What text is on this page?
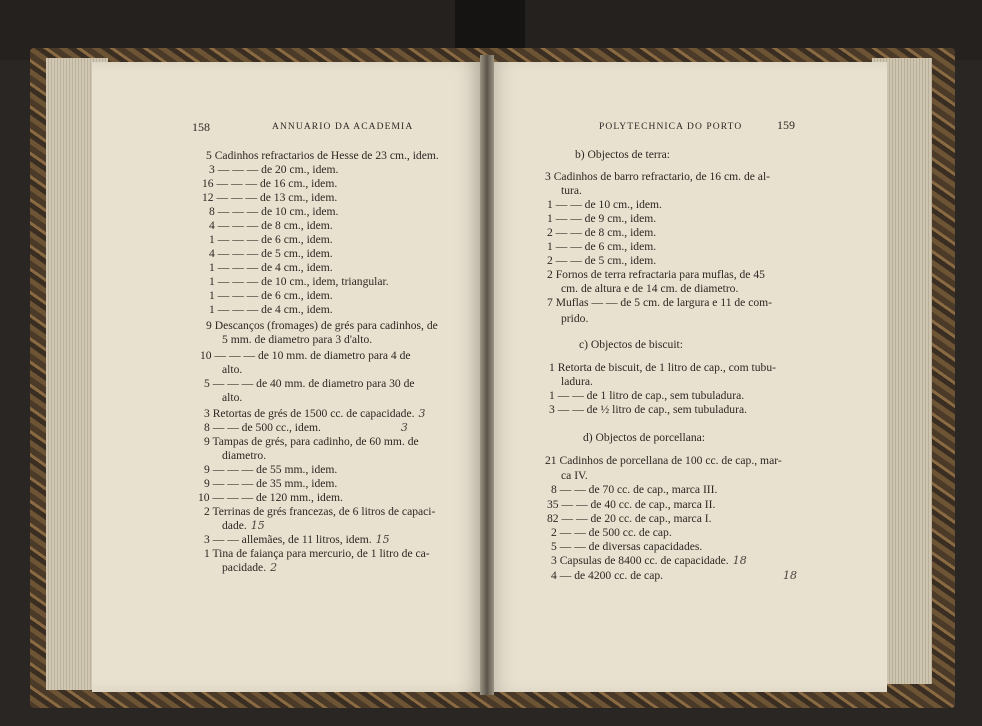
158	ANNUARIO DA ACADEMIA
5 Cadinhos refractarios de Hesse de 23 cm., idem.
3 — — — de 20 cm., idem.
16 — — — de 16 cm., idem.
12 — — — de 13 cm., idem.
8 — — — de 10 cm., idem.
4 — — — de 8 cm., idem.
1 — — — de 6 cm., idem.
4 — — — de 5 cm., idem.
1 — — — de 4 cm., idem.
1 — — — de 10 cm., idem, triangular.
1 — — — de 6 cm., idem.
1 — — — de 4 cm., idem.
9 Descanços (fromages) de grés para cadinhos, de
5 mm. de diametro para 3 d'alto.
10 — — — de 10 mm. de diametro para 4 de
alto.
5 — — — de 40 mm. de diametro para 30 de
alto.
3 Retortas de grés de 1500 cc. de capacidade. 3
8 — — de 500 cc., idem.	3
9 Tampas de grés, para cadinho, de 60 mm. de
diametro.
9 — — — de 55 mm., idem.
9 — — — de 35 mm., idem.
10 — — — de 120 mm., idem.
2 Terrinas de grés francezas, de 6 litros de capaci-
dade. 15
3 — — allemães, de 11 litros, idem. 15
1 Tina de faiança para mercurio, de 1 litro de ca-
pacidade. 2
POLYTECHNICA DO PORTO	159
b) Objectos de terra:
3 Cadinhos de barro refractario, de 16 cm. de al-
tura.
1 — — de 10 cm., idem.
1 — — de 9 cm., idem.
2 — — de 8 cm., idem.
1 — — de 6 cm., idem.
2 — — de 5 cm., idem.
2 Fornos de terra refractaria para muflas, de 45
cm. de altura e de 14 cm. de diametro.
7 Muflas — — de 5 cm. de largura e 11 de com-
prido.
c) Objectos de biscuit:
1 Retorta de biscuit, de 1 litro de cap., com tubu-
ladura.
1 — — de 1 litro de cap., sem tubuladura.
3 — — de ½ litro de cap., sem tubuladura.
d) Objectos de porcellana:
21 Cadinhos de porcellana de 100 cc. de cap., mar-
ca IV.
8 — — de 70 cc. de cap., marca III.
35 — — de 40 cc. de cap., marca II.
82 — — de 20 cc. de cap., marca I.
2 — — de 500 cc. de cap.
5 — — de diversas capacidades.
3 Capsulas de 8400 cc. de capacidade. 18
4 — de 4200 cc. de cap.	18
